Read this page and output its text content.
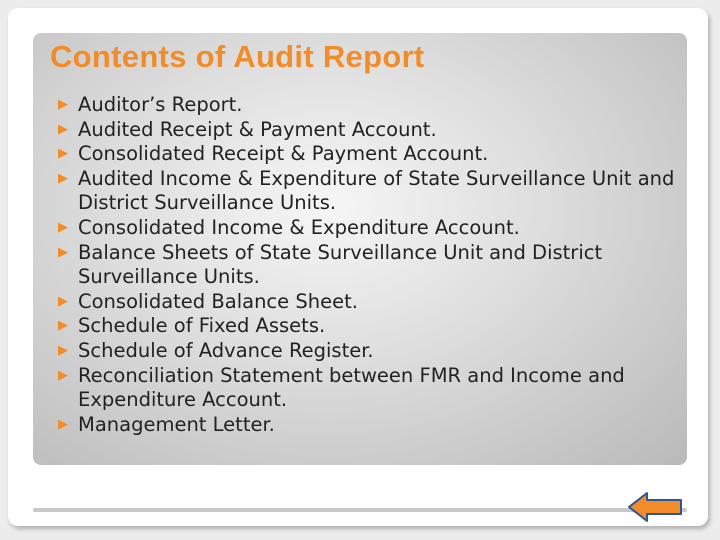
Contents of Audit Report
▶ Auditor’s Report.
▶ Audited Receipt & Payment Account.
▶ Consolidated Receipt & Payment Account.
▶ Audited Income & Expenditure of State Surveillance Unit and District Surveillance Units.
▶ Consolidated Income & Expenditure Account.
▶ Balance Sheets of State Surveillance Unit and District Surveillance Units.
▶ Consolidated Balance Sheet.
▶ Schedule of Fixed Assets.
▶ Schedule of Advance Register.
▶ Reconciliation Statement between FMR and Income and Expenditure Account.
▶ Management Letter.
